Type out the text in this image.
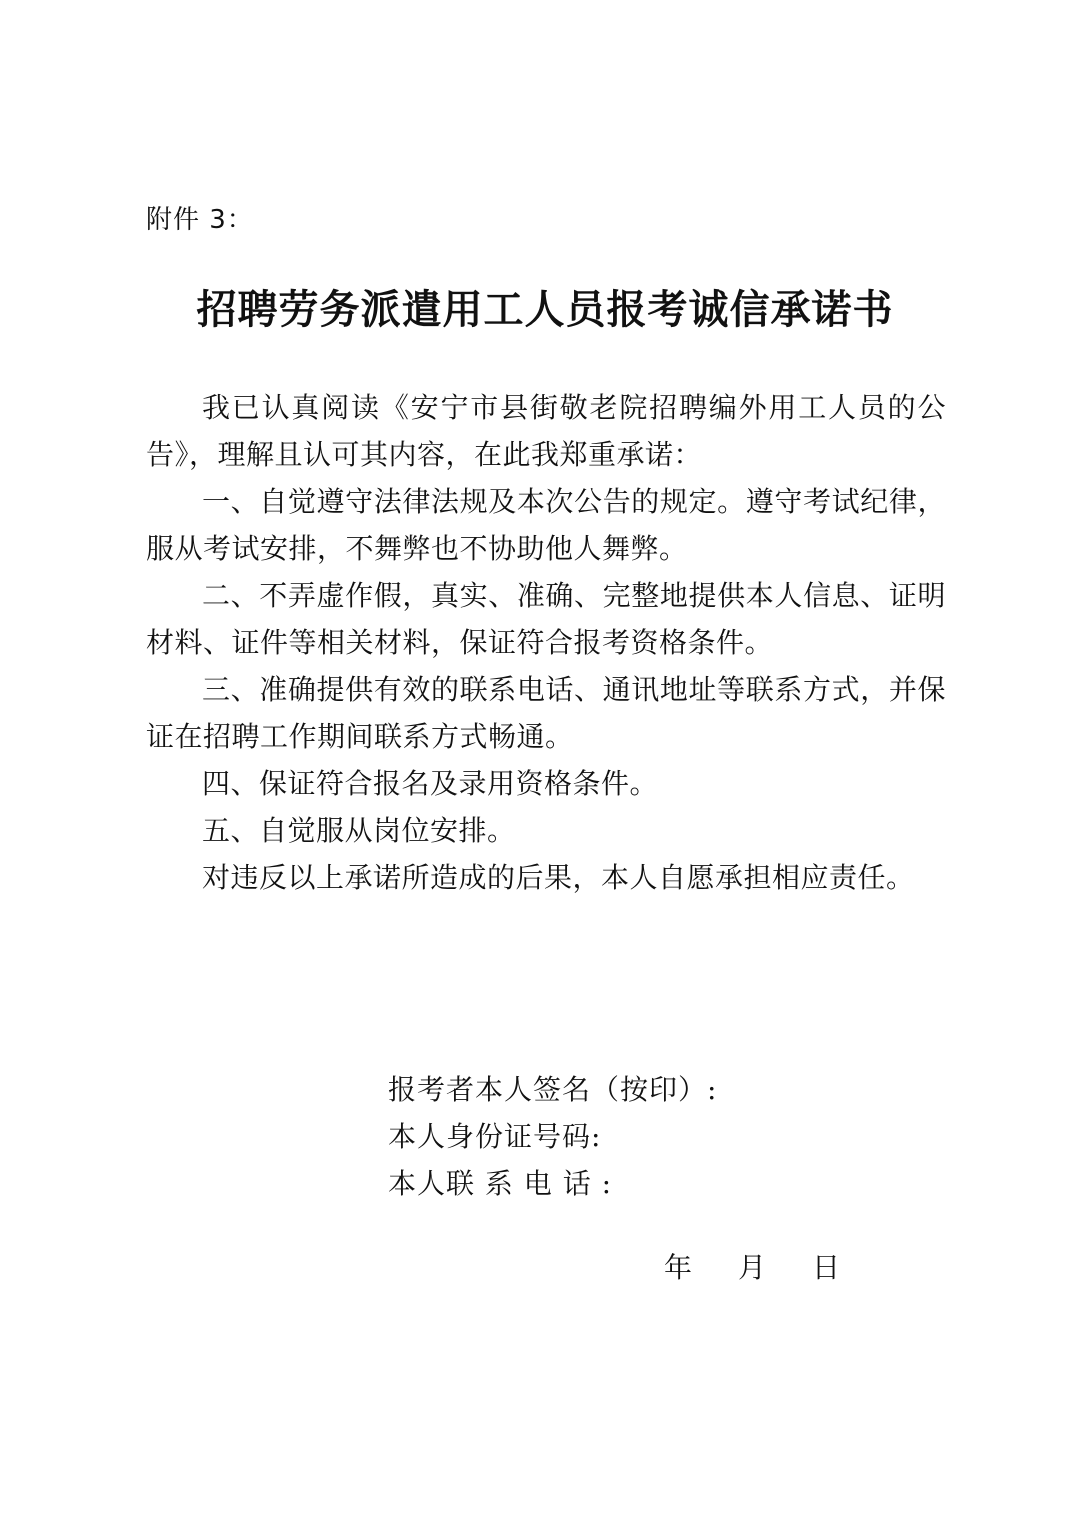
附件 3：
招聘劳务派遣用工人员报考诚信承诺书

我已认真阅读《安宁市县街敬老院招聘编外用工人员的公告》，理解且认可其内容，在此我郑重承诺：

一、自觉遵守法律法规及本次公告的规定。遵守考试纪律，服从考试安排，不舞弊也不协助他人舞弊。

二、不弄虚作假，真实、准确、完整地提供本人信息、证明材料、证件等相关材料，保证符合报考资格条件。

三、准确提供有效的联系电话、通讯地址等联系方式，并保证在招聘工作期间联系方式畅通。

四、保证符合报名及录用资格条件。

五、自觉服从岗位安排。

对违反以上承诺所造成的后果，本人自愿承担相应责任。

报考者本人签名（按印）:
本人身份证号码:
本人联 系 电 话 :
年 月 日
